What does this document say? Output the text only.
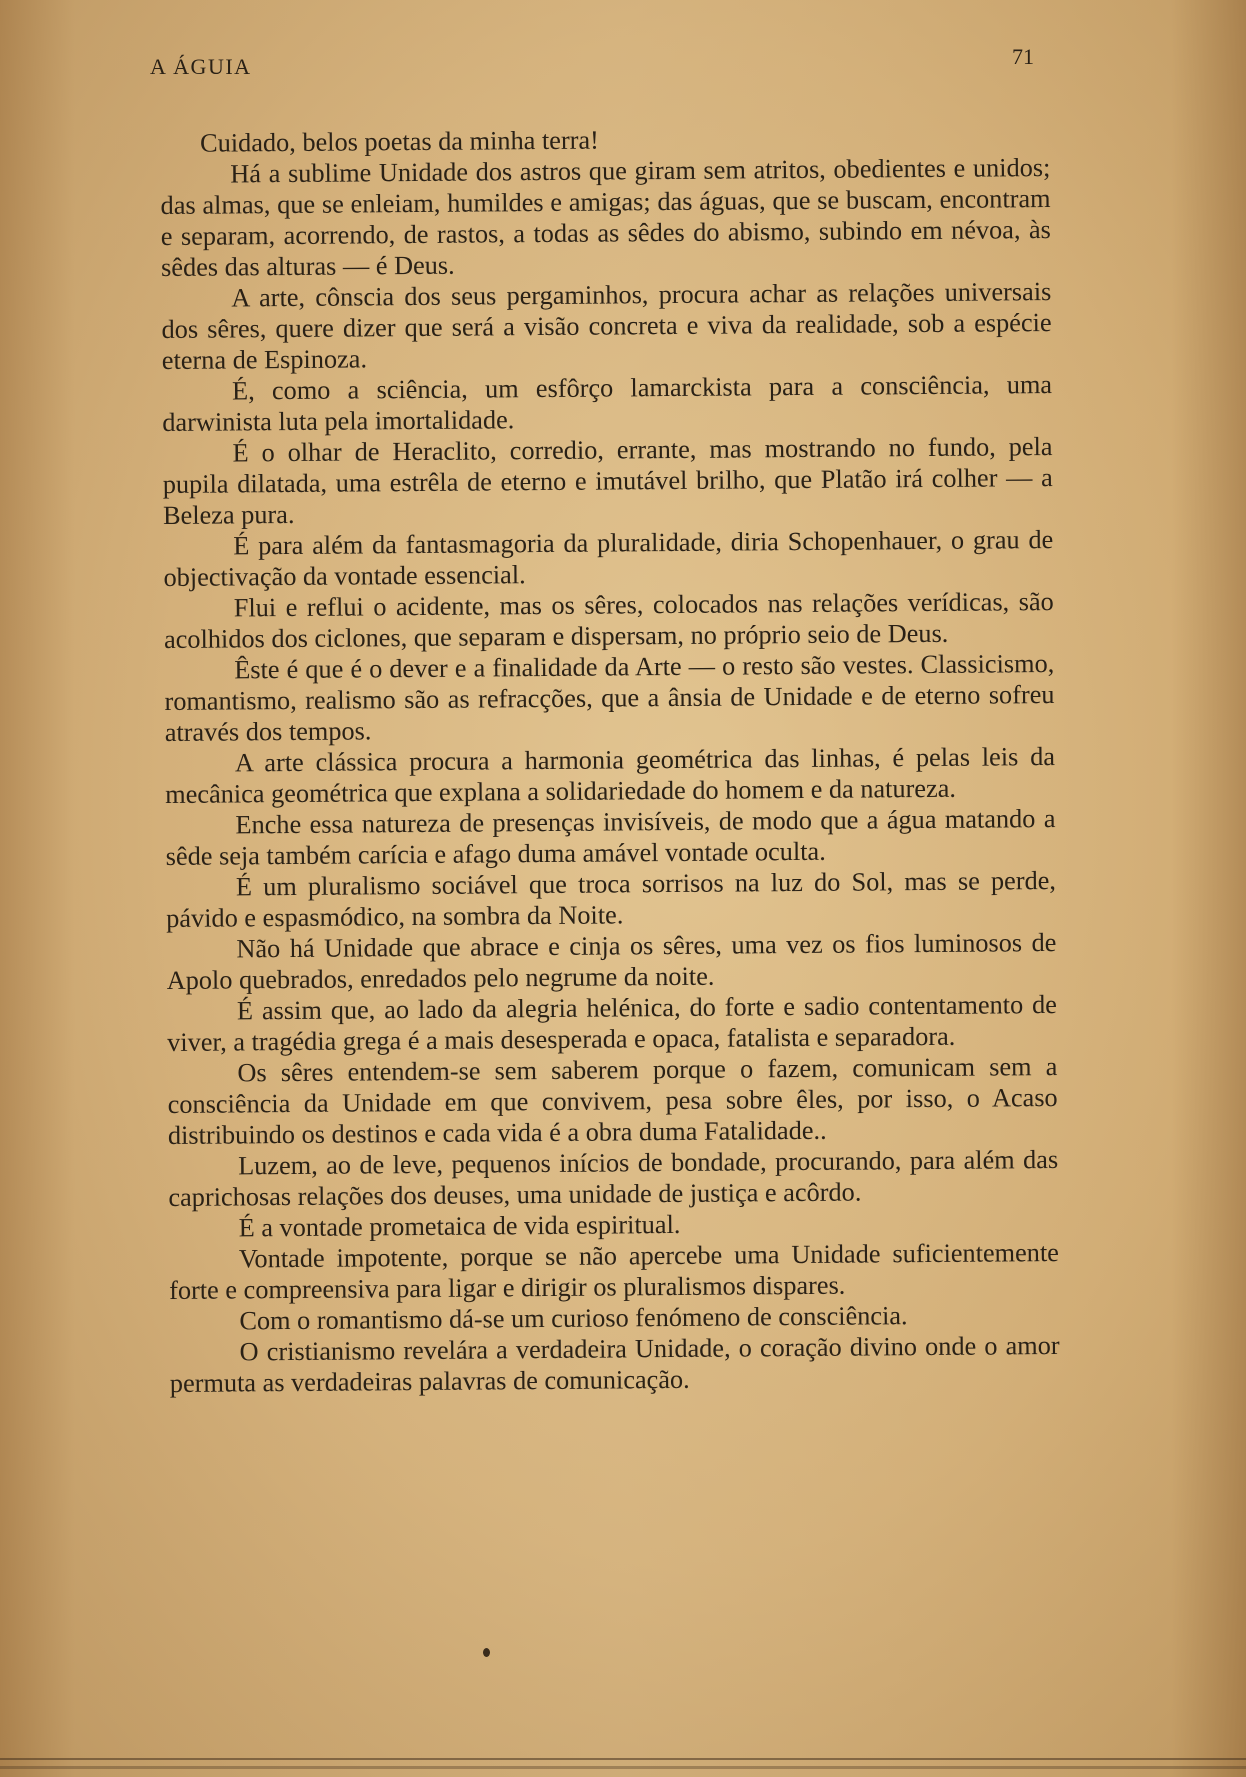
A ÁGUIA	71

Cuidado, belos poetas da minha terra!

Há a sublime Unidade dos astros que giram sem atritos, obedientes e unidos; das almas, que se enleiam, humildes e amigas; das águas, que se buscam, encontram e separam, acorrendo, de rastos, a todas as sêdes do abismo, subindo em névoa, às sêdes das alturas — é Deus.

A arte, cônscia dos seus pergaminhos, procura achar as relações universais dos sêres, quere dizer que será a visão concreta e viva da realidade, sob a espécie eterna de Espinoza.

É, como a sciência, um esfôrço lamarckista para a consciência, uma darwinista luta pela imortalidade.

É o olhar de Heraclito, corredio, errante, mas mostrando no fundo, pela pupila dilatada, uma estrêla de eterno e imutável brilho, que Platão irá colher — a Beleza pura.

É para além da fantasmagoria da pluralidade, diria Schopenhauer, o grau de objectivação da vontade essencial.

Flui e reflui o acidente, mas os sêres, colocados nas relações verídicas, são acolhidos dos ciclones, que separam e dispersam, no próprio seio de Deus.

Êste é que é o dever e a finalidade da Arte — o resto são vestes. Classicismo, romantismo, realismo são as refracções, que a ânsia de Unidade e de eterno sofreu através dos tempos.

A arte clássica procura a harmonia geométrica das linhas, é pelas leis da mecânica geométrica que explana a solidariedade do homem e da natureza.

Enche essa natureza de presenças invisíveis, de modo que a água matando a sêde seja também carícia e afago duma amável vontade oculta.

É um pluralismo sociável que troca sorrisos na luz do Sol, mas se perde, pávido e espasmódico, na sombra da Noite.

Não há Unidade que abrace e cinja os sêres, uma vez os fios luminosos de Apolo quebrados, enredados pelo negrume da noite.

É assim que, ao lado da alegria helénica, do forte e sadio contentamento de viver, a tragédia grega é a mais desesperada e opaca, fatalista e separadora.

Os sêres entendem-se sem saberem porque o fazem, comunicam sem a consciência da Unidade em que convivem, pesa sobre êles, por isso, o Acaso distribuindo os destinos e cada vida é a obra duma Fatalidade..

Luzem, ao de leve, pequenos inícios de bondade, procurando, para além das caprichosas relações dos deuses, uma unidade de justiça e acôrdo.

É a vontade prometaica de vida espiritual.

Vontade impotente, porque se não apercebe uma Unidade suficientemente forte e compreensiva para ligar e dirigir os pluralismos dispares.

Com o romantismo dá-se um curioso fenómeno de consciência.

O cristianismo revelára a verdadeira Unidade, o coração divino onde o amor permuta as verdadeiras palavras de comunicação.
